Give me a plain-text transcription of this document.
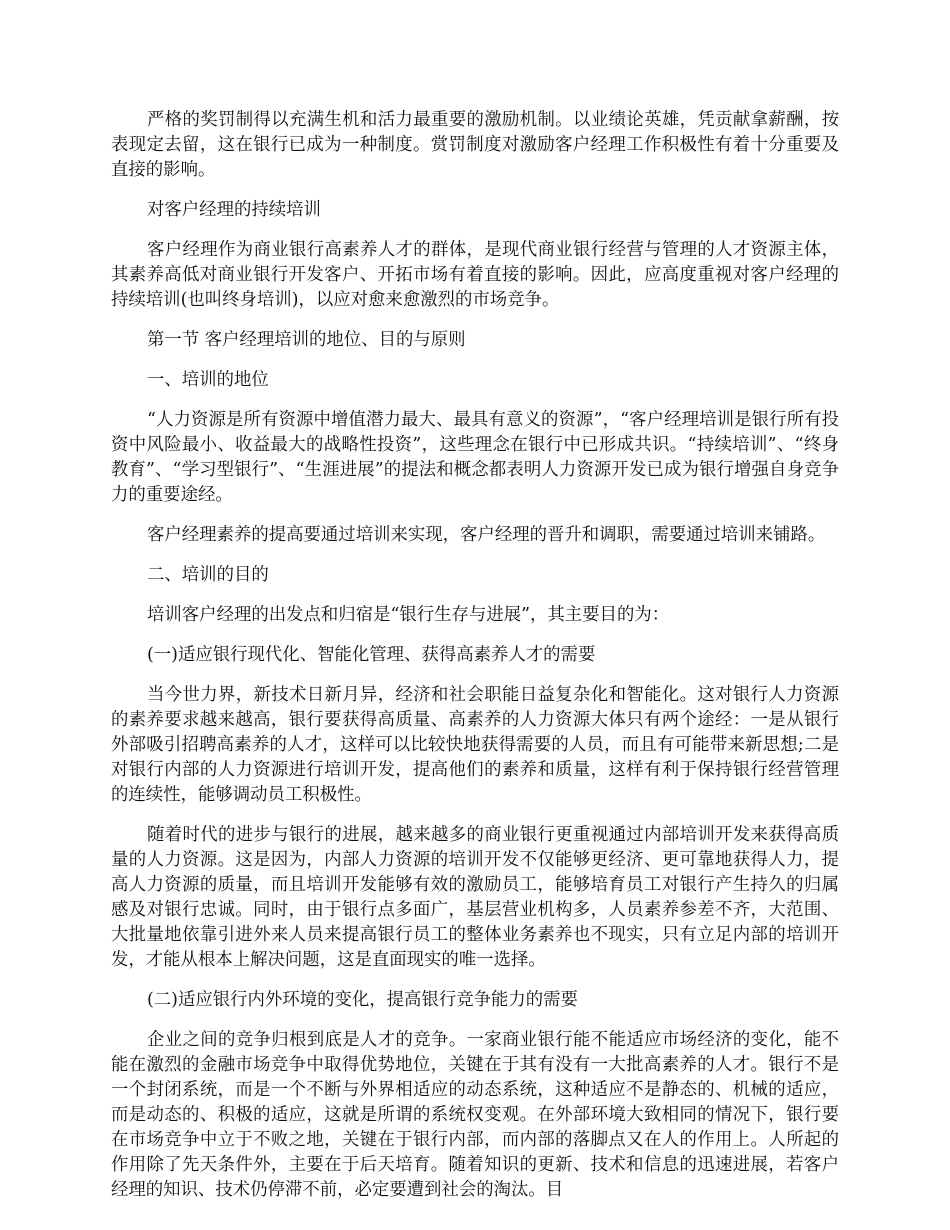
严格的奖罚制得以充满生机和活力最重要的激励机制。以业绩论英雄，凭贡献拿薪酬，按表现定去留，这在银行已成为一种制度。赏罚制度对激励客户经理工作积极性有着十分重要及直接的影响。

对客户经理的持续培训

客户经理作为商业银行高素养人才的群体，是现代商业银行经营与管理的人才资源主体，其素养高低对商业银行开发客户、开拓市场有着直接的影响。因此，应高度重视对客户经理的持续培训(也叫终身培训)，以应对愈来愈激烈的市场竞争。

第一节 客户经理培训的地位、目的与原则

一、培训的地位

“人力资源是所有资源中增值潜力最大、最具有意义的资源”，“客户经理培训是银行所有投资中风险最小、收益最大的战略性投资”，这些理念在银行中已形成共识。“持续培训”、“终身教育”、“学习型银行”、“生涯进展”的提法和概念都表明人力资源开发已成为银行增强自身竞争力的重要途经。

客户经理素养的提高要通过培训来实现，客户经理的晋升和调职，需要通过培训来铺路。

二、培训的目的

培训客户经理的出发点和归宿是“银行生存与进展”，其主要目的为：

(一)适应银行现代化、智能化管理、获得高素养人才的需要

当今世力界，新技术日新月异，经济和社会职能日益复杂化和智能化。这对银行人力资源的素养要求越来越高，银行要获得高质量、高素养的人力资源大体只有两个途经：一是从银行外部吸引招聘高素养的人才，这样可以比较快地获得需要的人员，而且有可能带来新思想;二是对银行内部的人力资源进行培训开发，提高他们的素养和质量，这样有利于保持银行经营管理的连续性，能够调动员工积极性。

随着时代的进步与银行的进展，越来越多的商业银行更重视通过内部培训开发来获得高质量的人力资源。这是因为，内部人力资源的培训开发不仅能够更经济、更可靠地获得人力，提高人力资源的质量，而且培训开发能够有效的激励员工，能够培育员工对银行产生持久的归属感及对银行忠诚。同时，由于银行点多面广，基层营业机构多，人员素养参差不齐，大范围、大批量地依靠引进外来人员来提高银行员工的整体业务素养也不现实，只有立足内部的培训开发，才能从根本上解决问题，这是直面现实的唯一选择。

(二)适应银行内外环境的变化，提高银行竞争能力的需要

企业之间的竞争归根到底是人才的竞争。一家商业银行能不能适应市场经济的变化，能不能在激烈的金融市场竞争中取得优势地位，关键在于其有没有一大批高素养的人才。银行不是一个封闭系统，而是一个不断与外界相适应的动态系统，这种适应不是静态的、机械的适应，而是动态的、积极的适应，这就是所谓的系统权变观。在外部环境大致相同的情况下，银行要在市场竞争中立于不败之地，关键在于银行内部，而内部的落脚点又在人的作用上。人所起的作用除了先天条件外，主要在于后天培育。随着知识的更新、技术和信息的迅速进展，若客户经理的知识、技术仍停滞不前，必定要遭到社会的淘汰。目
